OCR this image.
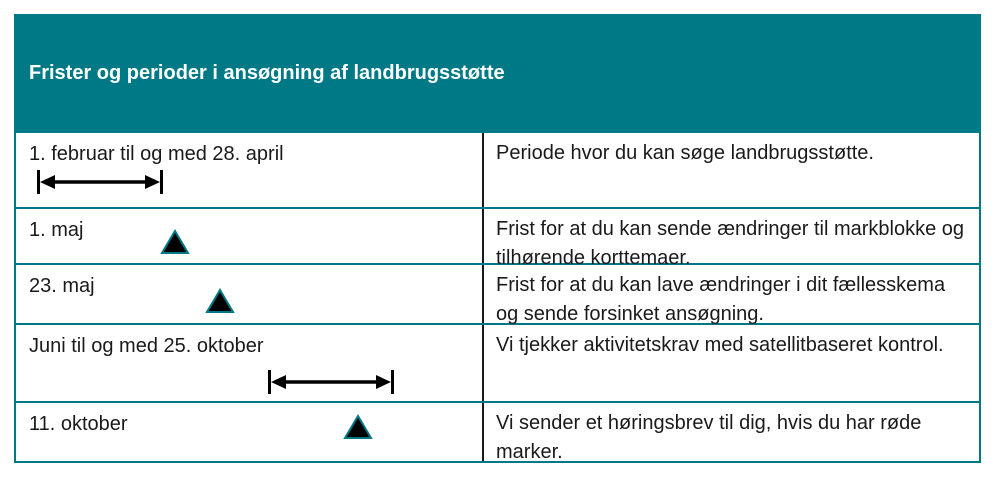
Frister og perioder i ansøgning af landbrugsstøtte
1. februar til og med 28. april	Periode hvor du kan søge landbrugsstøtte.
1. maj	Frist for at du kan sende ændringer til markblokke og tilhørende korttemaer.
23. maj	Frist for at du kan lave ændringer i dit fællesskema og sende forsinket ansøgning.
Juni til og med 25. oktober	Vi tjekker aktivitetskrav med satellitbaseret kontrol.
11. oktober	Vi sender et høringsbrev til dig, hvis du har røde marker.
